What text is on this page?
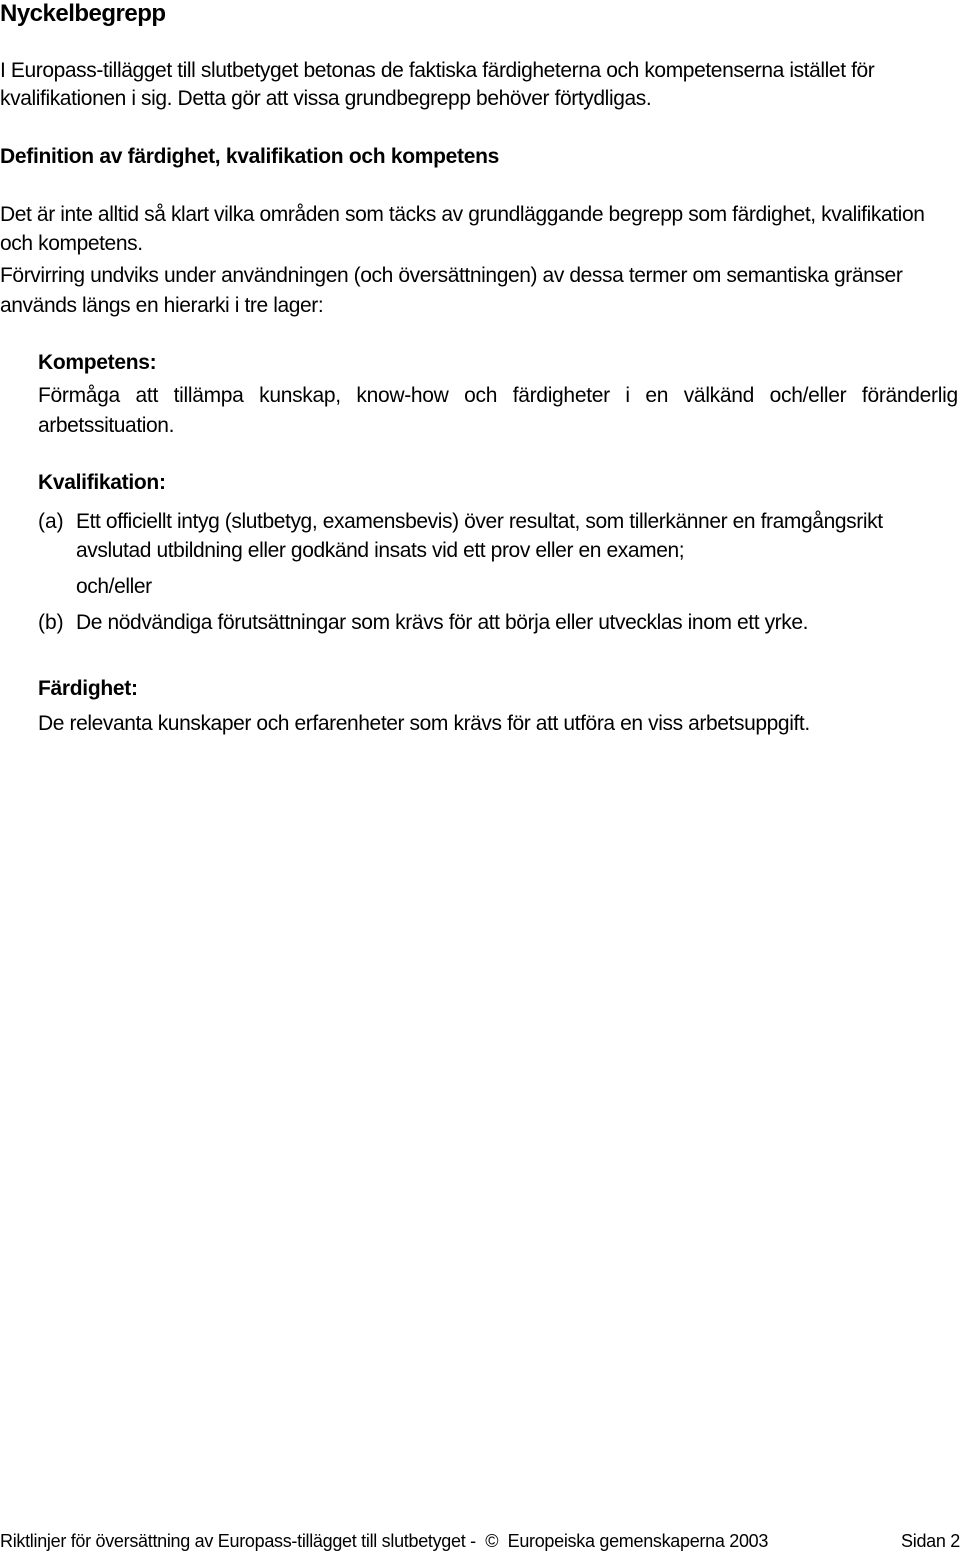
Nyckelbegrepp

I Europass-tillägget till slutbetyget betonas de faktiska färdigheterna och kompetenserna istället för

kvalifikationen i sig. Detta gör att vissa grundbegrepp behöver förtydligas.

Definition av färdighet, kvalifikation och kompetens

Det är inte alltid så klart vilka områden som täcks av grundläggande begrepp som färdighet, kvalifikation

och kompetens.

Förvirring undviks under användningen (och översättningen) av dessa termer om semantiska gränser

används längs en hierarki i tre lager:

Kompetens:
Förmåga att tillämpa kunskap, know-how och färdigheter i en välkänd och/eller föränderlig

arbetssituation.

Kvalifikation:
(a) Ett officiellt intyg (slutbetyg, examensbevis) över resultat, som tillerkänner en framgångsrikt

avslutad utbildning eller godkänd insats vid ett prov eller en examen;

och/eller

(b) De nödvändiga förutsättningar som krävs för att börja eller utvecklas inom ett yrke.

Färdighet:

De relevanta kunskaper och erfarenheter som krävs för att utföra en viss arbetsuppgift.

Riktlinjer för översättning av Europass-tillägget till slutbetyget -  ©  Europeiska gemenskaperna 2003	Sidan 2
